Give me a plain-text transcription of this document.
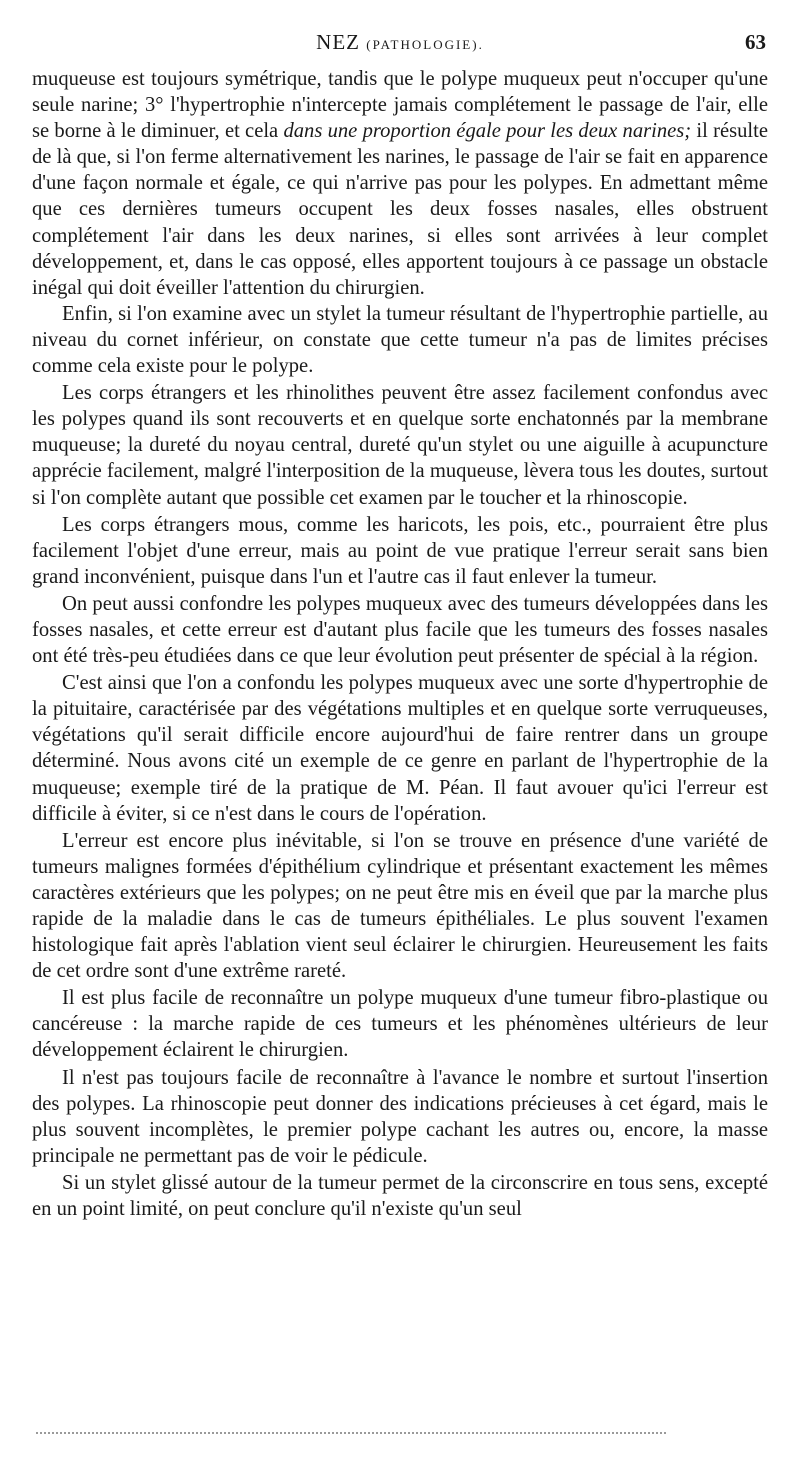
NEZ (PATHOLOGIE).	63

muqueuse est toujours symétrique, tandis que le polype muqueux peut n'occuper qu'une seule narine; 3° l'hypertrophie n'intercepte jamais complétement le passage de l'air, elle se borne à le diminuer, et cela dans une proportion égale pour les deux narines; il résulte de là que, si l'on ferme alternativement les narines, le passage de l'air se fait en apparence d'une façon normale et égale, ce qui n'arrive pas pour les polypes. En admettant même que ces dernières tumeurs occupent les deux fosses nasales, elles obstruent complétement l'air dans les deux narines, si elles sont arrivées à leur complet développement, et, dans le cas opposé, elles apportent toujours à ce passage un obstacle inégal qui doit éveiller l'attention du chirurgien.

Enfin, si l'on examine avec un stylet la tumeur résultant de l'hypertrophie partielle, au niveau du cornet inférieur, on constate que cette tumeur n'a pas de limites précises comme cela existe pour le polype.

Les corps étrangers et les rhinolithes peuvent être assez facilement confondus avec les polypes quand ils sont recouverts et en quelque sorte enchatonnés par la membrane muqueuse; la dureté du noyau central, dureté qu'un stylet ou une aiguille à acupuncture apprécie facilement, malgré l'interposition de la muqueuse, lèvera tous les doutes, surtout si l'on complète autant que possible cet examen par le toucher et la rhinoscopie.

Les corps étrangers mous, comme les haricots, les pois, etc., pourraient être plus facilement l'objet d'une erreur, mais au point de vue pratique l'erreur serait sans bien grand inconvénient, puisque dans l'un et l'autre cas il faut enlever la tumeur.

On peut aussi confondre les polypes muqueux avec des tumeurs développées dans les fosses nasales, et cette erreur est d'autant plus facile que les tumeurs des fosses nasales ont été très-peu étudiées dans ce que leur évolution peut présenter de spécial à la région.

C'est ainsi que l'on a confondu les polypes muqueux avec une sorte d'hypertrophie de la pituitaire, caractérisée par des végétations multiples et en quelque sorte verruqueuses, végétations qu'il serait difficile encore aujourd'hui de faire rentrer dans un groupe déterminé. Nous avons cité un exemple de ce genre en parlant de l'hypertrophie de la muqueuse; exemple tiré de la pratique de M. Péan. Il faut avouer qu'ici l'erreur est difficile à éviter, si ce n'est dans le cours de l'opération.

L'erreur est encore plus inévitable, si l'on se trouve en présence d'une variété de tumeurs malignes formées d'épithélium cylindrique et présentant exactement les mêmes caractères extérieurs que les polypes; on ne peut être mis en éveil que par la marche plus rapide de la maladie dans le cas de tumeurs épithéliales. Le plus souvent l'examen histologique fait après l'ablation vient seul éclairer le chirurgien. Heureusement les faits de cet ordre sont d'une extrême rareté.

Il est plus facile de reconnaître un polype muqueux d'une tumeur fibro-plastique ou cancéreuse : la marche rapide de ces tumeurs et les phénomènes ultérieurs de leur développement éclairent le chirurgien.

Il n'est pas toujours facile de reconnaître à l'avance le nombre et surtout l'insertion des polypes. La rhinoscopie peut donner des indications précieuses à cet égard, mais le plus souvent incomplètes, le premier polype cachant les autres ou, encore, la masse principale ne permettant pas de voir le pédicule.

Si un stylet glissé autour de la tumeur permet de la circonscrire en tous sens, excepté en un point limité, on peut conclure qu'il n'existe qu'un seul
